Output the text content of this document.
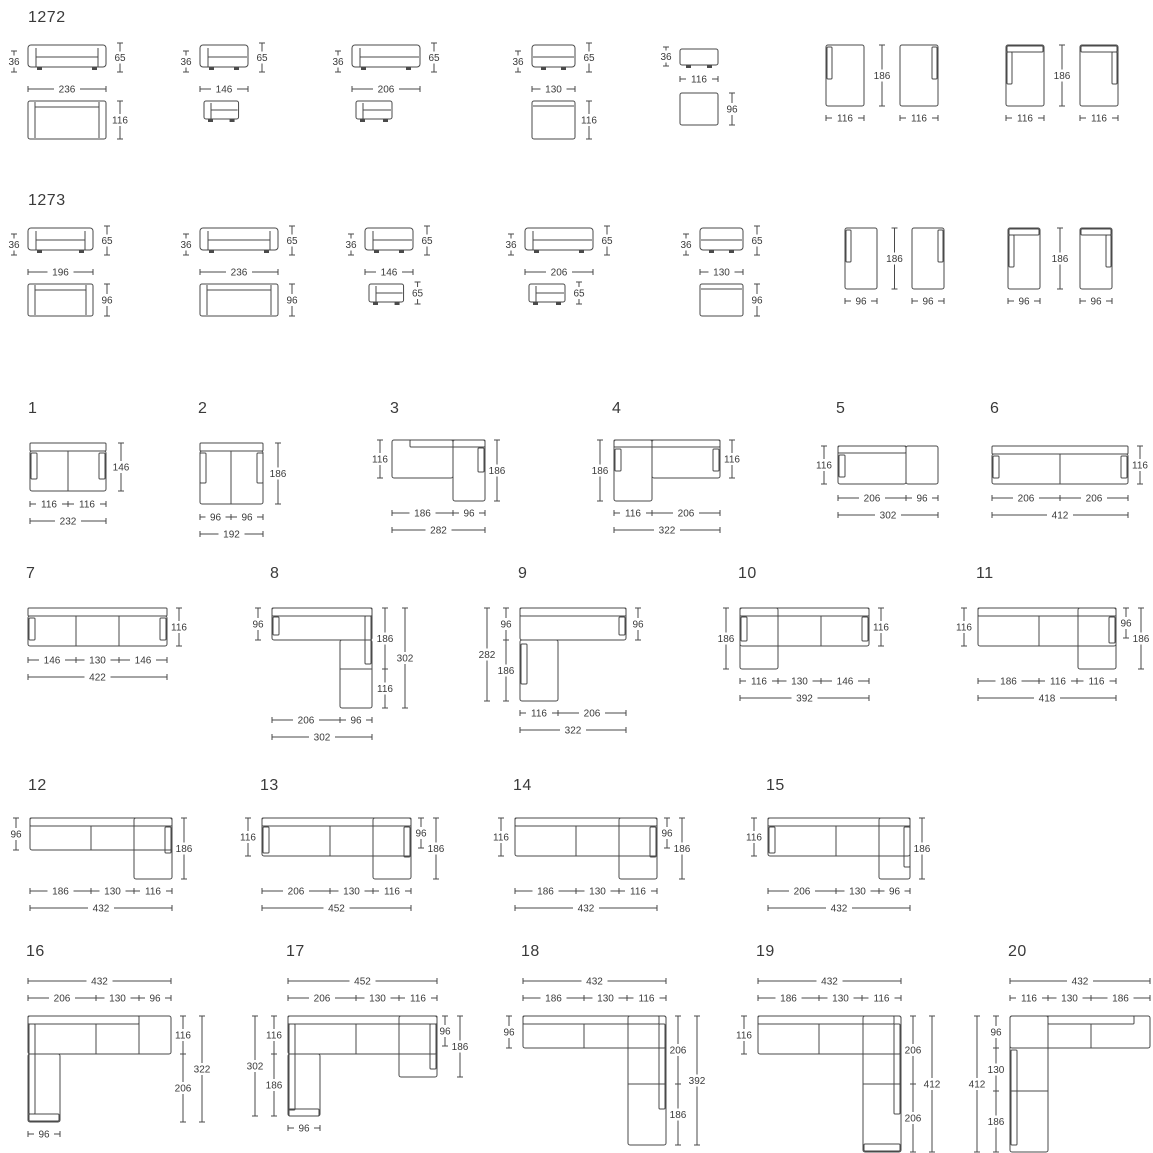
1272
1273
36	65
236
116
36	65
146
36	65
206
36	65
130
116
36
116
96
186
116	116
186
116	116
36	65
196
96
36	65
236
96
36	65
146
65
36	65
206
65
36	65
130
96
186
96	96
186
96	96
1
116 116
232
146
2
96 96
192
186
3
186	96
282
116
186
4
116	206
322
186
116
5
206	96
302
116
6
206	206
412
116
7
146	130	146
422
116
8
206	96
302
96
186
116
302
9
116	206
322
96
186
282
96
10
116 130	146
392
186
116
11
186	116 116
418
116	96
186
12
186	130 116
432
96
186
13
206	130 116
452
116	96
186
14
186	130 116
432
116	96
186
15
206	130 96
432
116
186
16
432
206	130 96
96
116
206
322
17
452
206	130 116
96
116
186
302
96
186
18
432
186	130 116
96
206
186
392
19
432
186	130 116
116
206
206
412
20
432
116 130	186
96
130
186
412
